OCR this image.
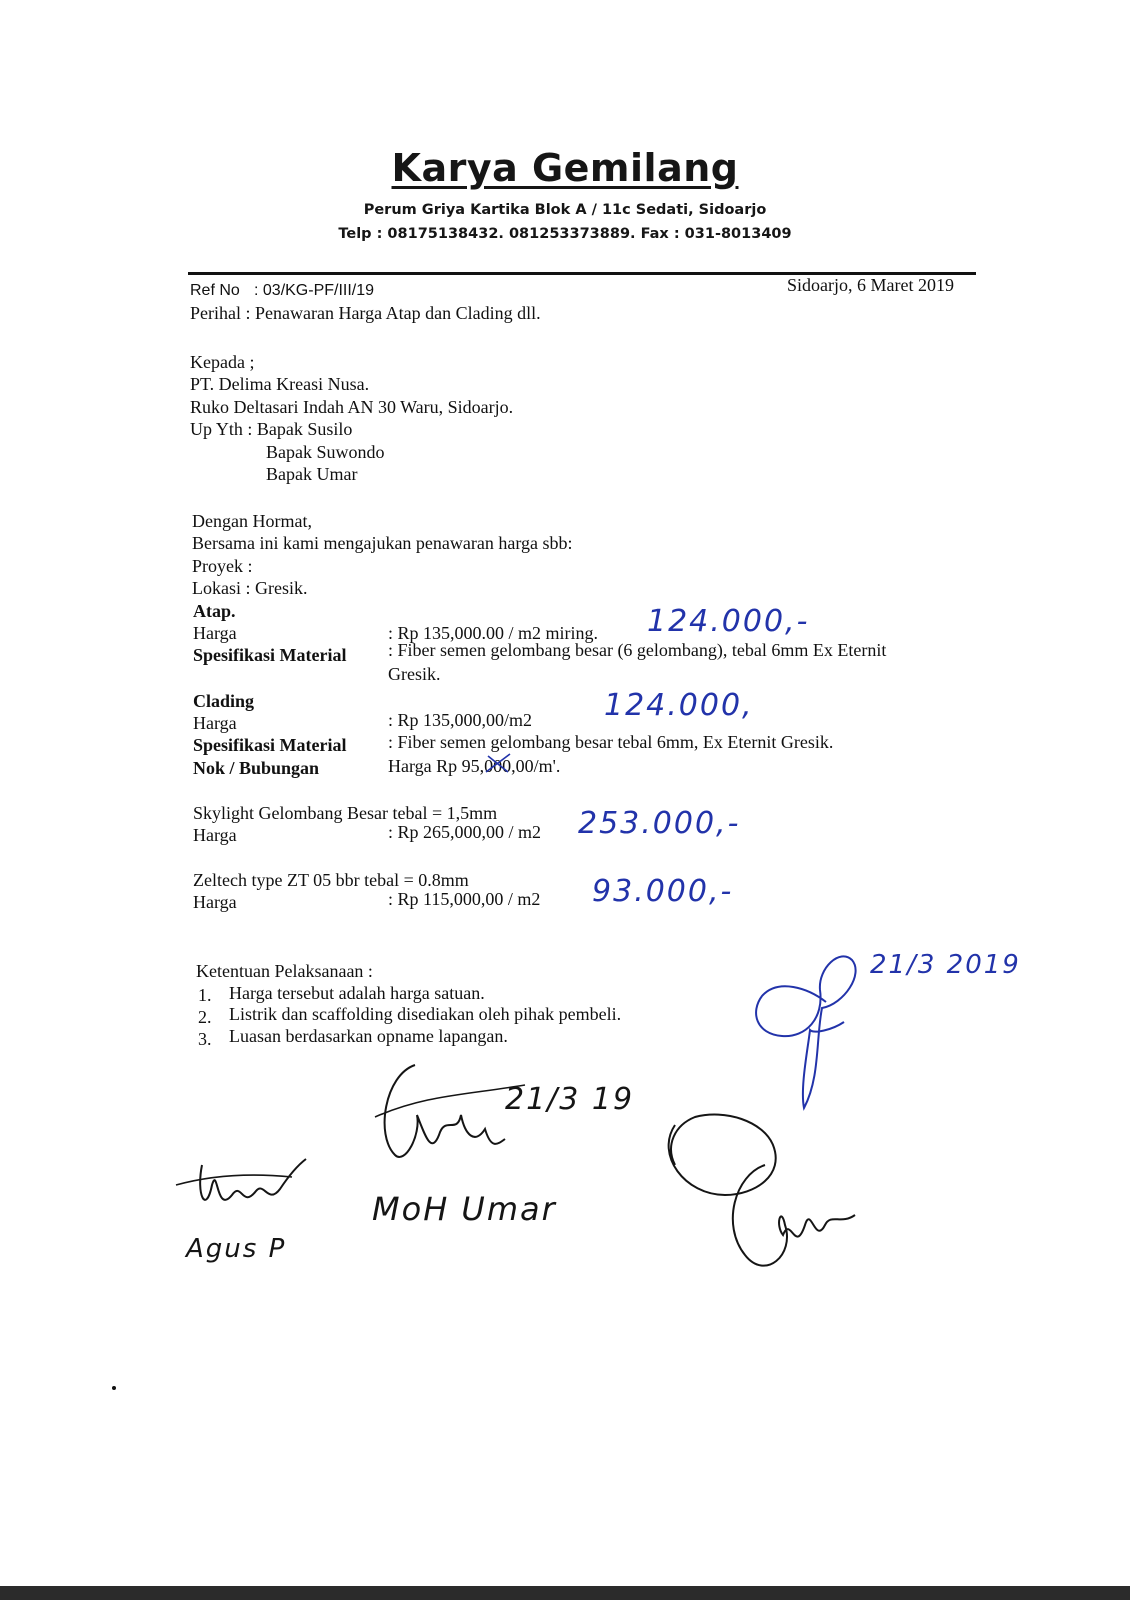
Karya Gemilang
Perum Griya Kartika Blok A / 11c Sedati, Sidoarjo
Telp : 08175138432. 081253373889. Fax : 031-8013409
Ref No : 03/KG-PF/III/19	Sidoarjo, 6 Maret 2019
Perihal : Penawaran Harga Atap dan Clading dll.
Kepada ;
PT. Delima Kreasi Nusa.
Ruko Deltasari Indah AN 30 Waru, Sidoarjo.
Up Yth : Bapak Susilo
Bapak Suwondo
Bapak Umar
Dengan Hormat,
Bersama ini kami mengajukan penawaran harga sbb:
Proyek :
Lokasi : Gresik.
Atap.
Harga	: Rp 135,000.00 / m2 miring. 124.000,-
Spesifikasi Material : Fiber semen gelombang besar (6 gelombang), tebal 6mm Ex Eternit
Gresik.
Clading
Harga	: Rp 135,000,00/m2 124.000,
Spesifikasi Material : Fiber semen gelombang besar tebal 6mm, Ex Eternit Gresik.
Nok / Bubungan	Harga Rp 95,000,00/m'.
Skylight Gelombang Besar tebal = 1,5mm
Harga	: Rp 265,000,00 / m2 253.000,-
Zeltech type ZT 05 bbr tebal = 0.8mm
Harga	: Rp 115,000,00 / m2 93.000,-
Ketentuan Pelaksanaan :
1. Harga tersebut adalah harga satuan.
2. Listrik dan scaffolding disediakan oleh pihak pembeli.
3. Luasan berdasarkan opname lapangan.
21/3 2019
21/3 19
MoH Umar
Agus P
